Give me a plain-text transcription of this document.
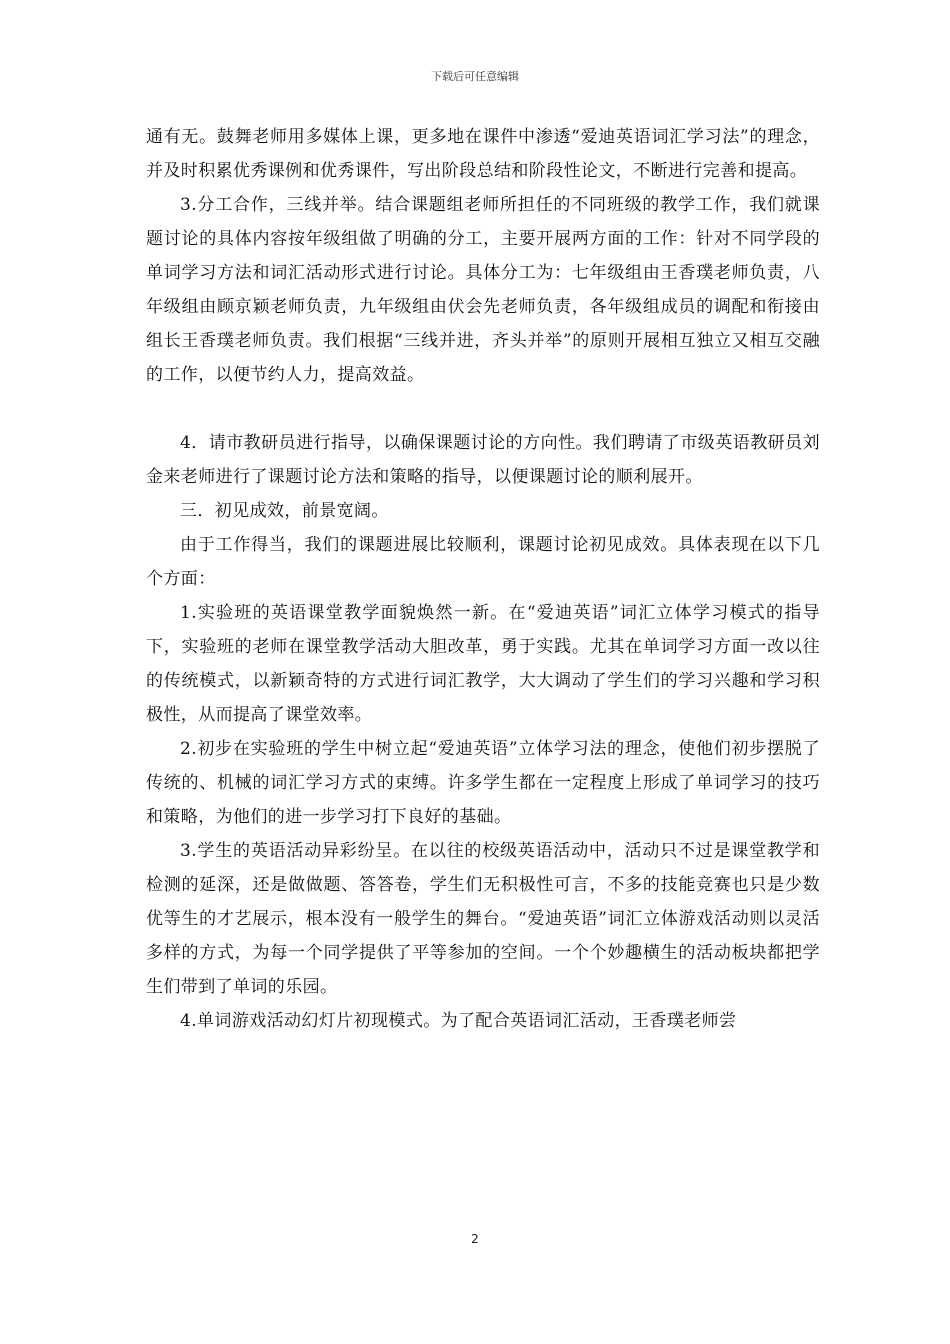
下载后可任意编辑

通有无。鼓舞老师用多媒体上课，更多地在课件中渗透“爱迪英语词汇学习法”的理念，并及时积累优秀课例和优秀课件，写出阶段总结和阶段性论文，不断进行完善和提高。

3.分工合作，三线并举。结合课题组老师所担任的不同班级的教学工作，我们就课题讨论的具体内容按年级组做了明确的分工，主要开展两方面的工作：针对不同学段的单词学习方法和词汇活动形式进行讨论。具体分工为：七年级组由王香璞老师负责，八年级组由顾京颖老师负责，九年级组由伏会先老师负责，各年级组成员的调配和衔接由组长王香璞老师负责。我们根据“三线并进，齐头并举”的原则开展相互独立又相互交融的工作，以便节约人力，提高效益。

4．请市教研员进行指导，以确保课题讨论的方向性。我们聘请了市级英语教研员刘金来老师进行了课题讨论方法和策略的指导，以便课题讨论的顺利展开。

三．初见成效，前景宽阔。

由于工作得当，我们的课题进展比较顺利，课题讨论初见成效。具体表现在以下几个方面：

1.实验班的英语课堂教学面貌焕然一新。在“爱迪英语”词汇立体学习模式的指导下，实验班的老师在课堂教学活动大胆改革，勇于实践。尤其在单词学习方面一改以往的传统模式，以新颖奇特的方式进行词汇教学，大大调动了学生们的学习兴趣和学习积极性，从而提高了课堂效率。

2.初步在实验班的学生中树立起“爱迪英语”立体学习法的理念，使他们初步摆脱了传统的、机械的词汇学习方式的束缚。许多学生都在一定程度上形成了单词学习的技巧和策略，为他们的进一步学习打下良好的基础。

3.学生的英语活动异彩纷呈。在以往的校级英语活动中，活动只不过是课堂教学和检测的延深，还是做做题、答答卷，学生们无积极性可言，不多的技能竞赛也只是少数优等生的才艺展示，根本没有一般学生的舞台。“爱迪英语”词汇立体游戏活动则以灵活多样的方式，为每一个同学提供了平等参加的空间。一个个妙趣横生的活动板块都把学生们带到了单词的乐园。

4.单词游戏活动幻灯片初现模式。为了配合英语词汇活动，王香璞老师尝

2
